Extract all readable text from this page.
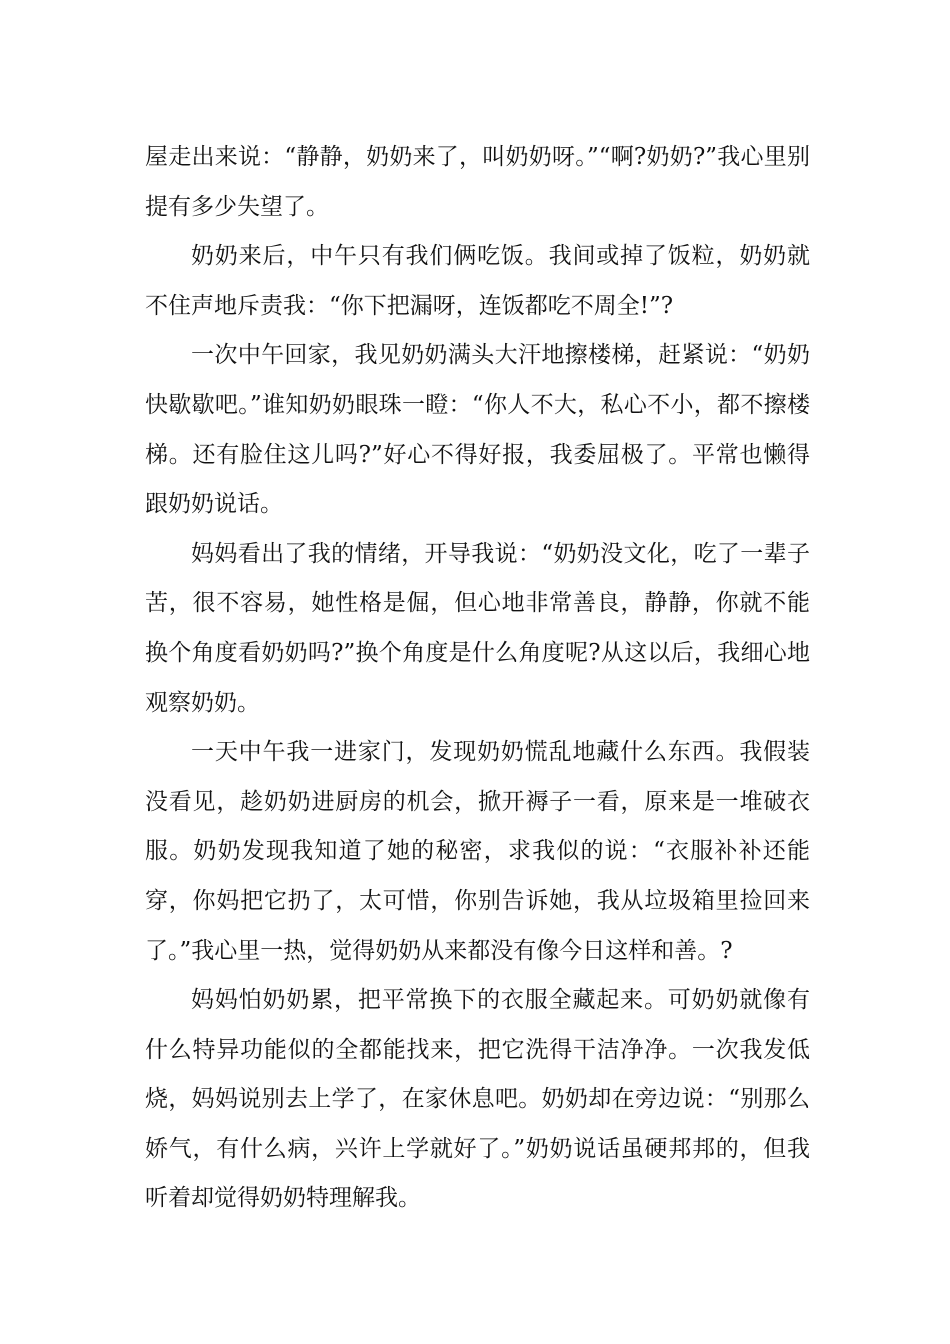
屋走出来说：“静静，奶奶来了，叫奶奶呀。”“啊?奶奶?”我心里别提有多少失望了。

奶奶来后，中午只有我们俩吃饭。我间或掉了饭粒，奶奶就不住声地斥责我：“你下把漏呀，连饭都吃不周全!”?

一次中午回家，我见奶奶满头大汗地擦楼梯，赶紧说：“奶奶快歇歇吧。”谁知奶奶眼珠一瞪：“你人不大，私心不小，都不擦楼梯。还有脸住这儿吗?”好心不得好报，我委屈极了。平常也懒得跟奶奶说话。

妈妈看出了我的情绪，开导我说：“奶奶没文化，吃了一辈子苦，很不容易，她性格是倔，但心地非常善良，静静，你就不能换个角度看奶奶吗?”换个角度是什么角度呢?从这以后，我细心地观察奶奶。

一天中午我一进家门，发现奶奶慌乱地藏什么东西。我假装没看见，趁奶奶进厨房的机会，掀开褥子一看，原来是一堆破衣服。奶奶发现我知道了她的秘密，求我似的说：“衣服补补还能穿，你妈把它扔了，太可惜，你别告诉她，我从垃圾箱里捡回来了。”我心里一热，觉得奶奶从来都没有像今日这样和善。?

妈妈怕奶奶累，把平常换下的衣服全藏起来。可奶奶就像有什么特异功能似的全都能找来，把它洗得干洁净净。一次我发低烧，妈妈说别去上学了，在家休息吧。奶奶却在旁边说：“别那么娇气，有什么病，兴许上学就好了。”奶奶说话虽硬邦邦的，但我听着却觉得奶奶特理解我。
